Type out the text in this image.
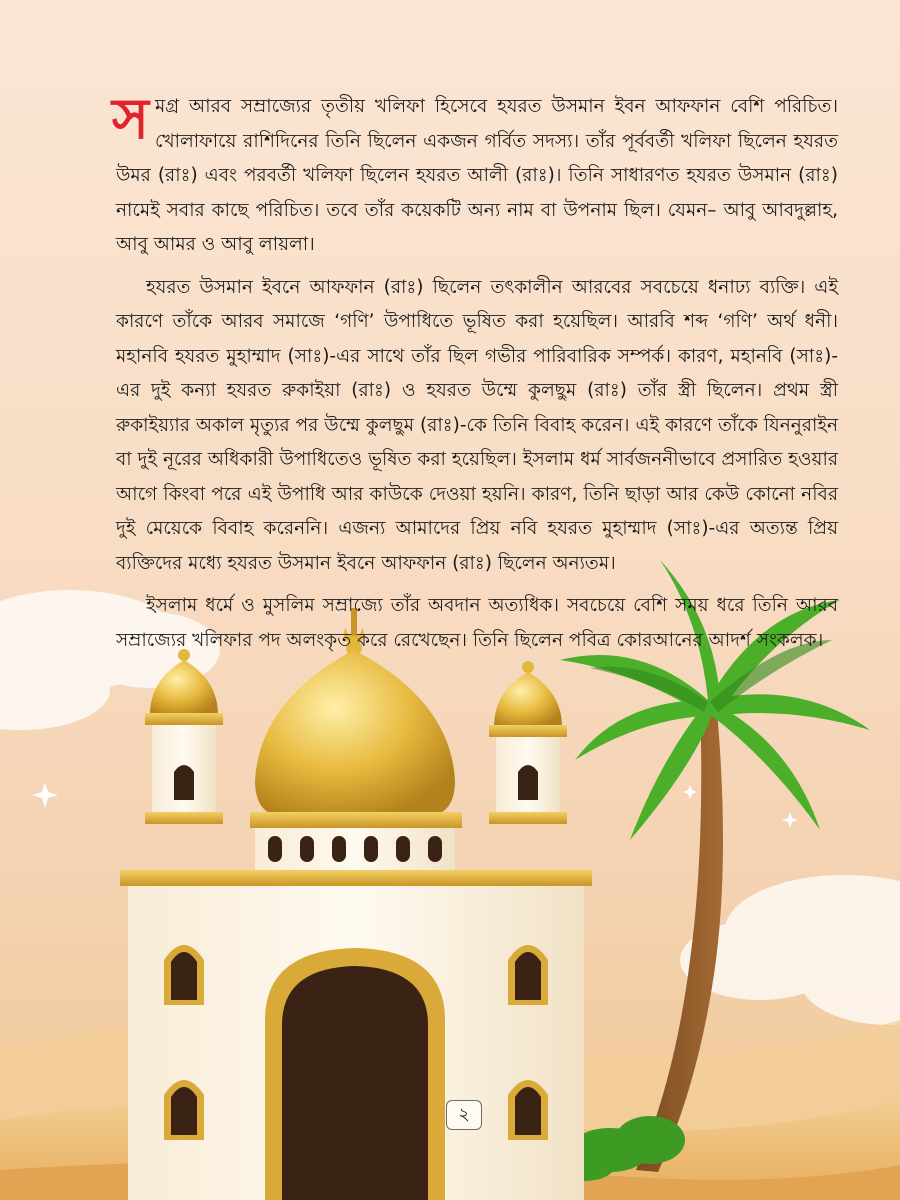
সমগ্র আরব সম্রাজ্যের তৃতীয় খলিফা হিসেবে হযরত উসমান ইবন আফফান বেশি পরিচিত। খোলাফায়ে রাশিদিনের তিনি ছিলেন একজন গর্বিত সদস্য। তাঁর পূর্ববর্তী খলিফা ছিলেন হযরত উমর (রাঃ) এবং পরবর্তী খলিফা ছিলেন হযরত আলী (রাঃ)। তিনি সাধারণত হযরত উসমান (রাঃ) নামেই সবার কাছে পরিচিত। তবে তাঁর কয়েকটি অন্য নাম বা উপনাম ছিল। যেমন– আবু আবদুল্লাহ, আবু আমর ও আবু লায়লা।

হযরত উসমান ইবনে আফফান (রাঃ) ছিলেন তৎকালীন আরবের সবচেয়ে ধনাঢ্য ব্যক্তি। এই কারণে তাঁকে আরব সমাজে ‘গণি’ উপাধিতে ভূষিত করা হয়েছিল। আরবি শব্দ ‘গণি’ অর্থ ধনী। মহানবি হযরত মুহাম্মাদ (সাঃ)-এর সাথে তাঁর ছিল গভীর পারিবারিক সম্পর্ক। কারণ, মহানবি (সাঃ)-এর দুই কন্যা হযরত রুকাইয়া (রাঃ) ও হযরত উম্মে কুলছুম (রাঃ) তাঁর স্ত্রী ছিলেন। প্রথম স্ত্রী রুকাইয়্যার অকাল মৃত্যুর পর উম্মে কুলছুম (রাঃ)-কে তিনি বিবাহ করেন। এই কারণে তাঁকে যিননুরাইন বা দুই নূরের অধিকারী উপাধিতেও ভূষিত করা হয়েছিল। ইসলাম ধর্ম সার্বজননীভাবে প্রসারিত হওয়ার আগে কিংবা পরে এই উপাধি আর কাউকে দেওয়া হয়নি। কারণ, তিনি ছাড়া আর কেউ কোনো নবির দুই মেয়েকে বিবাহ করেননি। এজন্য আমাদের প্রিয় নবি হযরত মুহাম্মাদ (সাঃ)-এর অত্যন্ত প্রিয় ব্যক্তিদের মধ্যে হযরত উসমান ইবনে আফফান (রাঃ) ছিলেন অন্যতম।

ইসলাম ধর্মে ও মুসলিম সম্রাজ্যে তাঁর অবদান অত্যধিক। সবচেয়ে বেশি সময় ধরে তিনি আরব সম্রাজ্যের খলিফার পদ অলংকৃত করে রেখেছেন। তিনি ছিলেন পবিত্র কোরআনের আদর্শ সংকলক।

২
